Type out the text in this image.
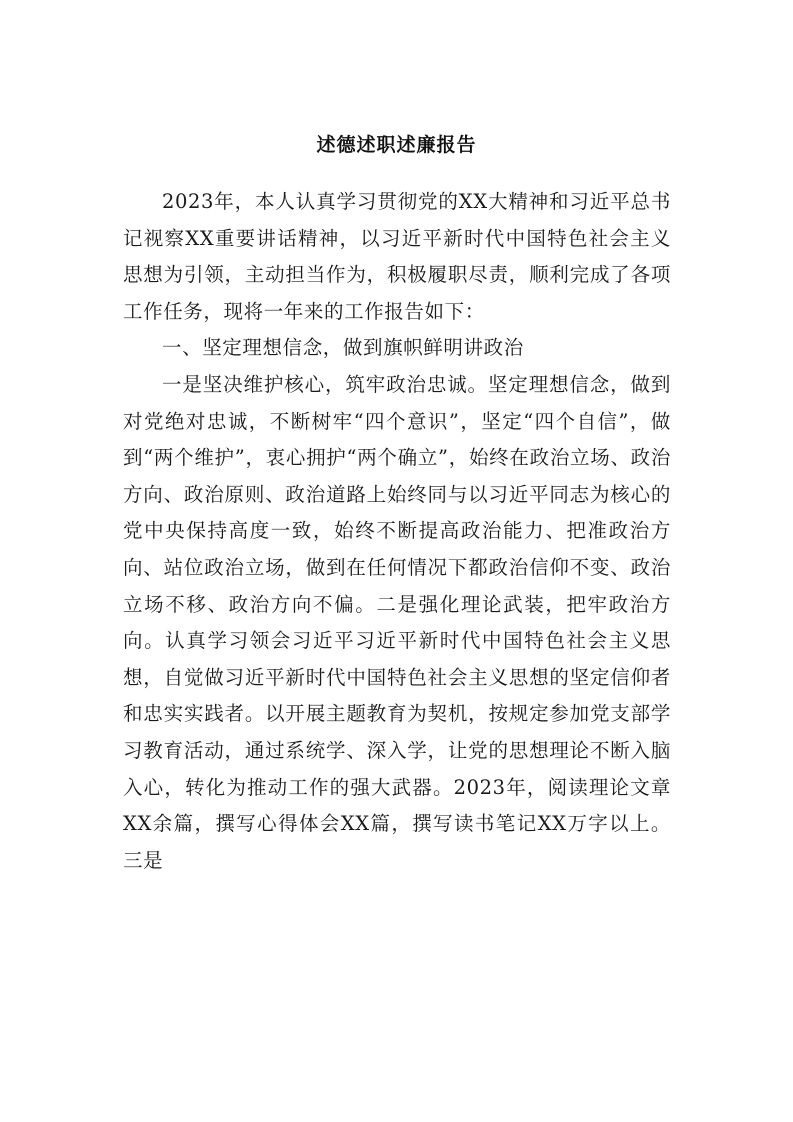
述德述职述廉报告

2023年，本人认真学习贯彻党的XX大精神和习近平总书记视察XX重要讲话精神，以习近平新时代中国特色社会主义思想为引领，主动担当作为，积极履职尽责，顺利完成了各项工作任务，现将一年来的工作报告如下：

一、坚定理想信念，做到旗帜鲜明讲政治

一是坚决维护核心，筑牢政治忠诚。坚定理想信念，做到对党绝对忠诚，不断树牢“四个意识”，坚定“四个自信”，做到“两个维护”，衷心拥护“两个确立”，始终在政治立场、政治方向、政治原则、政治道路上始终同与以习近平同志为核心的党中央保持高度一致，始终不断提高政治能力、把准政治方向、站位政治立场，做到在任何情况下都政治信仰不变、政治立场不移、政治方向不偏。二是强化理论武装，把牢政治方向。认真学习领会习近平习近平新时代中国特色社会主义思想，自觉做习近平新时代中国特色社会主义思想的坚定信仰者和忠实实践者。以开展主题教育为契机，按规定参加党支部学习教育活动，通过系统学、深入学，让党的思想理论不断入脑入心，转化为推动工作的强大武器。2023年，阅读理论文章XX余篇，撰写心得体会XX篇，撰写读书笔记XX万字以上。三是
